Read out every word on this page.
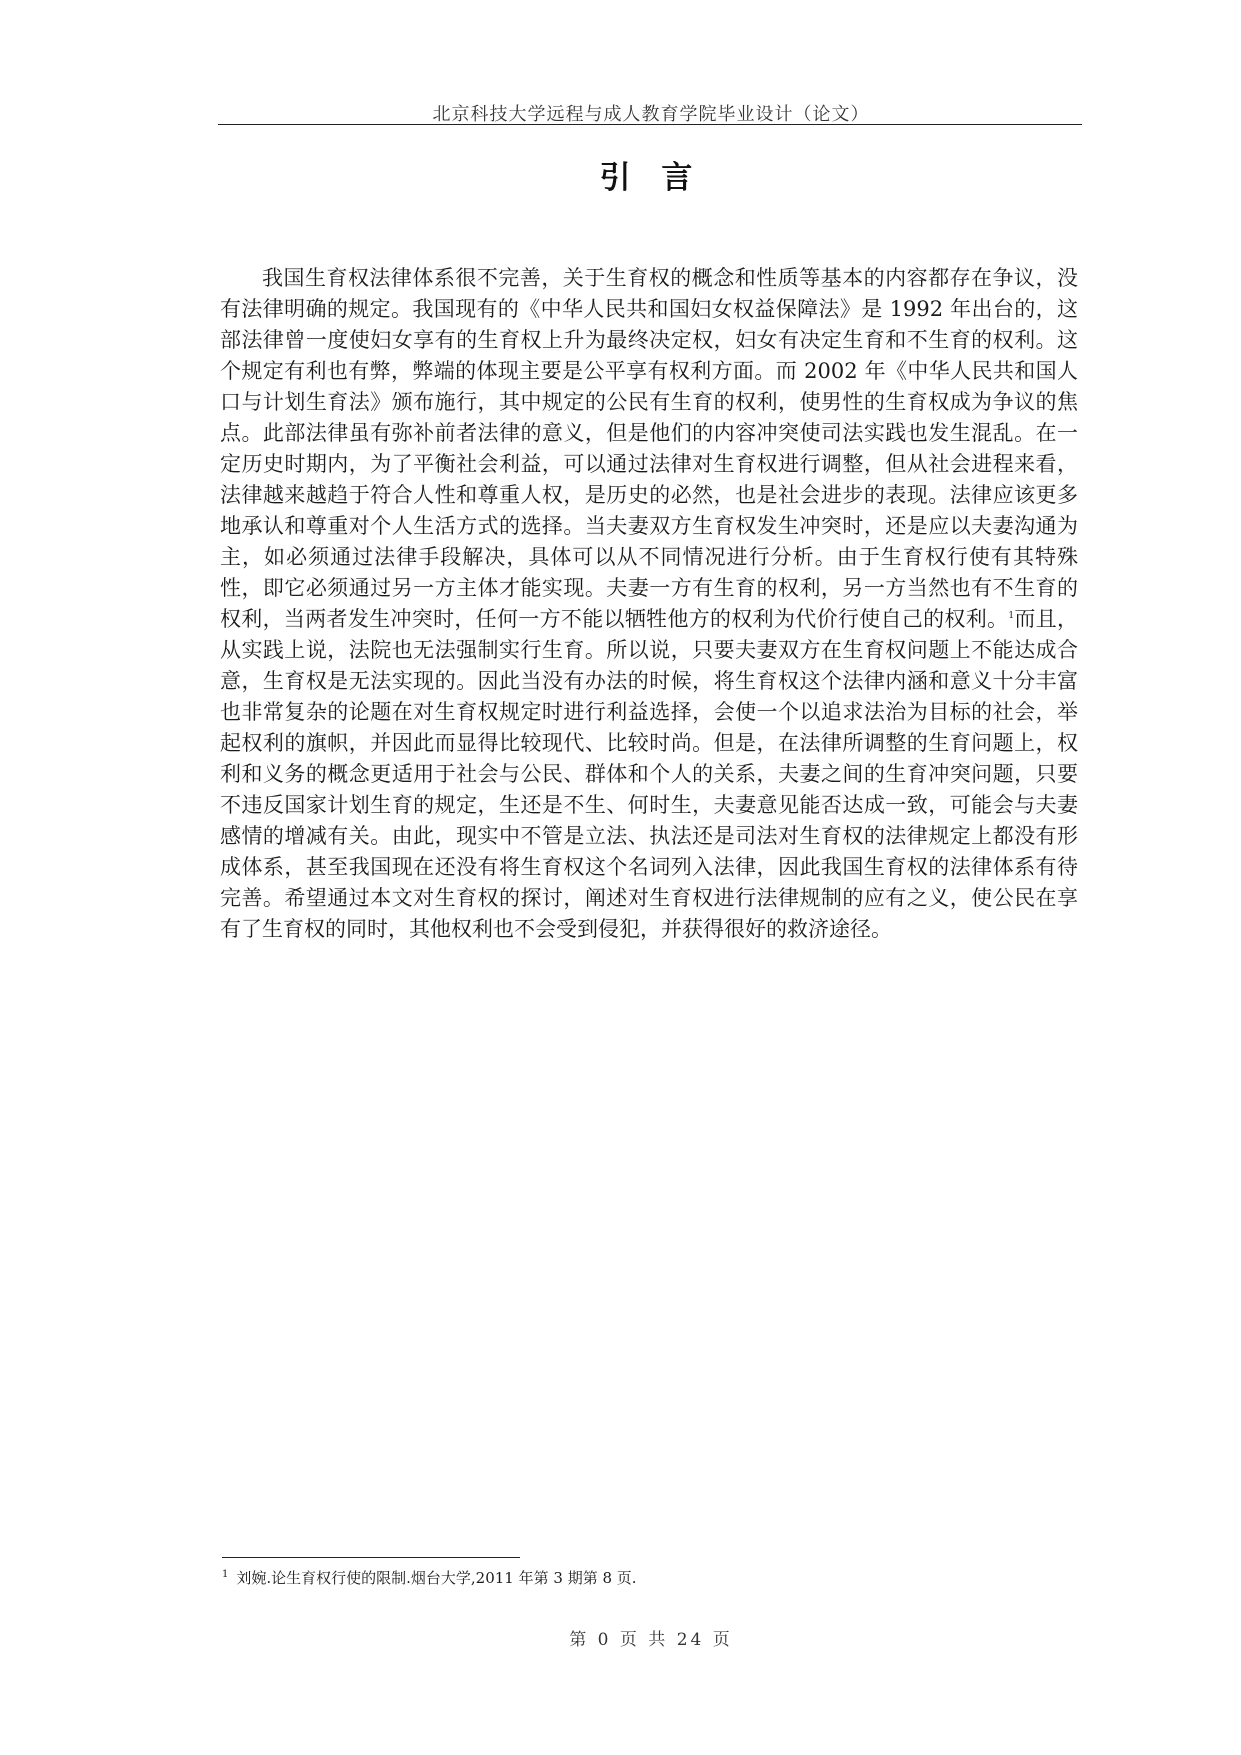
北京科技大学远程与成人教育学院毕业设计（论文）
引 言

我国生育权法律体系很不完善，关于生育权的概念和性质等基本的内容都存在争议，没有法律明确的规定。我国现有的《中华人民共和国妇女权益保障法》是 1992 年出台的，这部法律曾一度使妇女享有的生育权上升为最终决定权，妇女有决定生育和不生育的权利。这个规定有利也有弊，弊端的体现主要是公平享有权利方面。而 2002 年《中华人民共和国人口与计划生育法》颁布施行，其中规定的公民有生育的权利，使男性的生育权成为争议的焦点。此部法律虽有弥补前者法律的意义，但是他们的内容冲突使司法实践也发生混乱。在一定历史时期内，为了平衡社会利益，可以通过法律对生育权进行调整，但从社会进程来看，法律越来越趋于符合人性和尊重人权，是历史的必然，也是社会进步的表现。法律应该更多地承认和尊重对个人生活方式的选择。当夫妻双方生育权发生冲突时，还是应以夫妻沟通为主，如必须通过法律手段解决，具体可以从不同情况进行分析。由于生育权行使有其特殊性，即它必须通过另一方主体才能实现。夫妻一方有生育的权利，另一方当然也有不生育的权利，当两者发生冲突时，任何一方不能以牺牲他方的权利为代价行使自己的权利。$^1$而且，从实践上说，法院也无法强制实行生育。所以说，只要夫妻双方在生育权问题上不能达成合意，生育权是无法实现的。因此当没有办法的时候，将生育权这个法律内涵和意义十分丰富也非常复杂的论题在对生育权规定时进行利益选择，会使一个以追求法治为目标的社会，举起权利的旗帜，并因此而显得比较现代、比较时尚。但是，在法律所调整的生育问题上，权利和义务的概念更适用于社会与公民、群体和个人的关系，夫妻之间的生育冲突问题，只要不违反国家计划生育的规定，生还是不生、何时生，夫妻意见能否达成一致，可能会与夫妻感情的增减有关。由此，现实中不管是立法、执法还是司法对生育权的法律规定上都没有形成体系，甚至我国现在还没有将生育权这个名词列入法律，因此我国生育权的法律体系有待完善。希望通过本文对生育权的探讨，阐述对生育权进行法律规制的应有之义，使公民在享有了生育权的同时，其他权利也不会受到侵犯，并获得很好的救济途径。

$^1$ 刘婉.论生育权行使的限制.烟台大学,2011 年第 3 期第 8 页.
第 0 页 共 24 页
